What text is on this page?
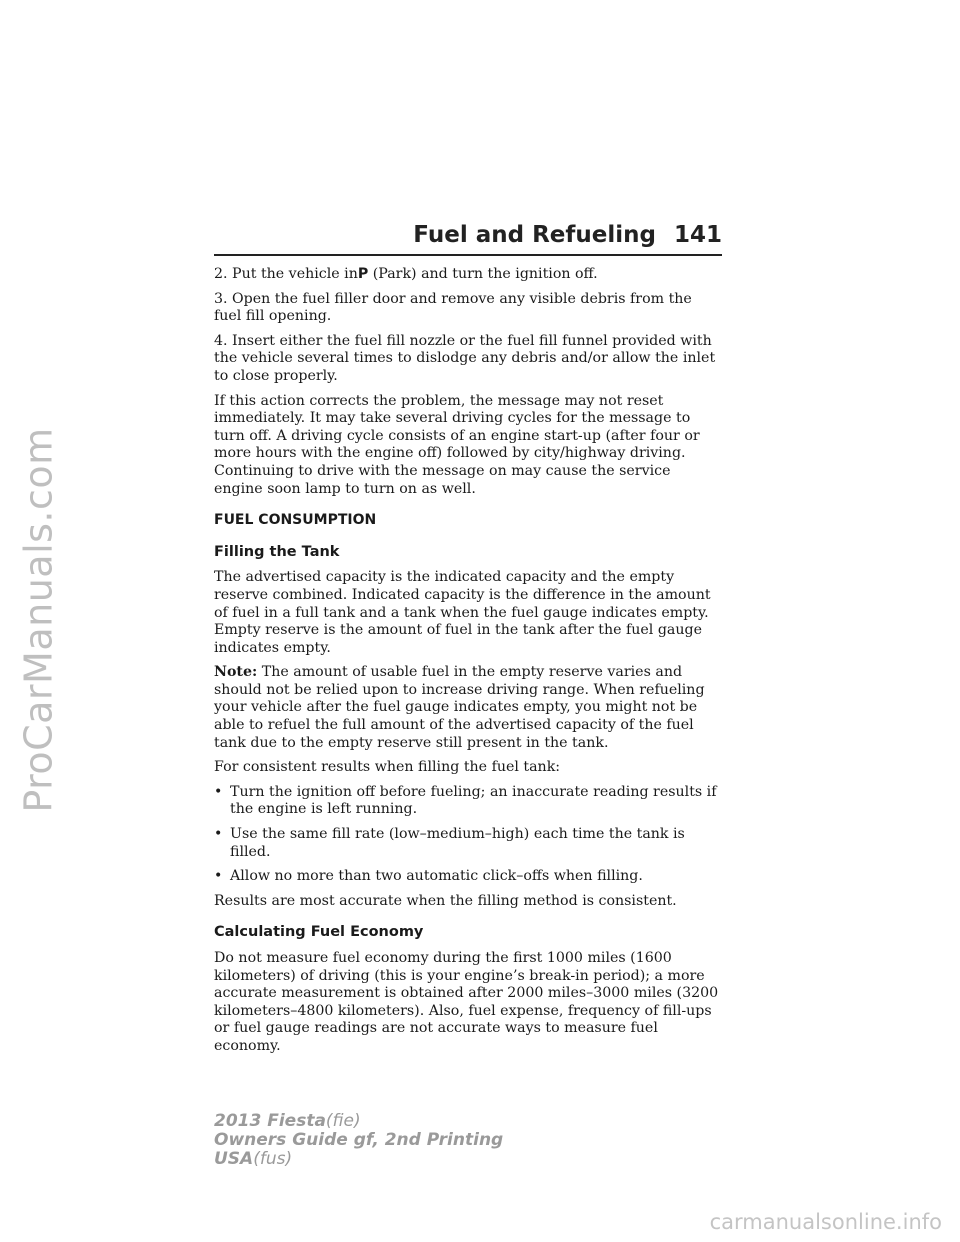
ProCarManuals.com
Fuel and Refueling 141

2. Put the vehicle inP (Park) and turn the ignition off.

3. Open the fuel filler door and remove any visible debris from the fuel fill opening.

4. Insert either the fuel fill nozzle or the fuel fill funnel provided with the vehicle several times to dislodge any debris and/or allow the inlet to close properly.

If this action corrects the problem, the message may not reset immediately. It may take several driving cycles for the message to turn off. A driving cycle consists of an engine start-up (after four or more hours with the engine off) followed by city/highway driving. Continuing to drive with the message on may cause the service engine soon lamp to turn on as well.

FUEL CONSUMPTION
Filling the Tank

The advertised capacity is the indicated capacity and the empty reserve combined. Indicated capacity is the difference in the amount of fuel in a full tank and a tank when the fuel gauge indicates empty. Empty reserve is the amount of fuel in the tank after the fuel gauge indicates empty.

Note: The amount of usable fuel in the empty reserve varies and should not be relied upon to increase driving range. When refueling your vehicle after the fuel gauge indicates empty, you might not be able to refuel the full amount of the advertised capacity of the fuel tank due to the empty reserve still present in the tank.

For consistent results when filling the fuel tank:

• Turn the ignition off before fueling; an inaccurate reading results if the engine is left running.
• Use the same fill rate (low–medium–high) each time the tank is filled.
• Allow no more than two automatic click–offs when filling.

Results are most accurate when the filling method is consistent.

Calculating Fuel Economy

Do not measure fuel economy during the first 1000 miles (1600 kilometers) of driving (this is your engine’s break-in period); a more accurate measurement is obtained after 2000 miles–3000 miles (3200 kilometers–4800 kilometers). Also, fuel expense, frequency of fill-ups or fuel gauge readings are not accurate ways to measure fuel economy.

2013 Fiesta(fie)
Owners Guide gf, 2nd Printing
USA(fus)
carmanualsonline.info
